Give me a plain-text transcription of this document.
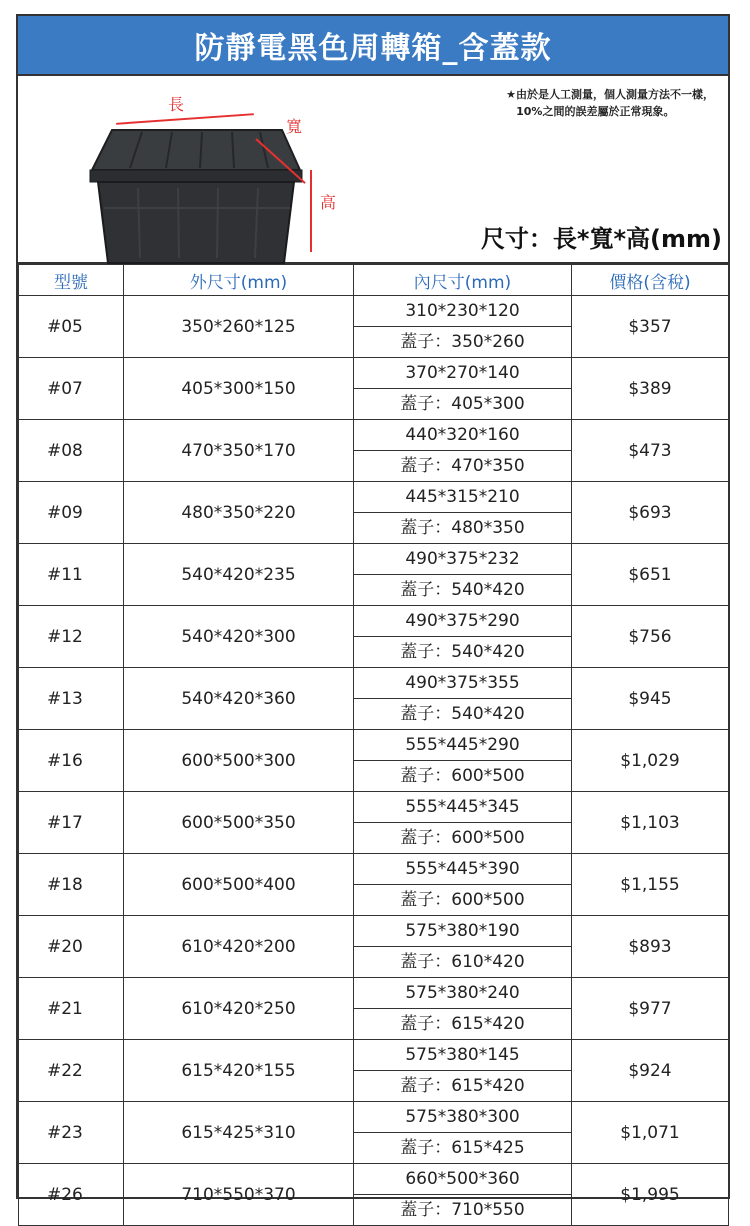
防靜電黑色周轉箱_含蓋款
長
寬
高
★由於是人工測量，個人測量方法不一樣，
10%之間的誤差屬於正常現象。
尺寸：長*寬*高(mm)
型號	外尺寸(mm)	內尺寸(mm)	價格(含稅)
#05	350*260*125	310*230*120
蓋子：350*260	$357
#07	405*300*150	370*270*140
蓋子：405*300	$389
#08	470*350*170	440*320*160
蓋子：470*350	$473
#09	480*350*220	445*315*210
蓋子：480*350	$693
#11	540*420*235	490*375*232
蓋子：540*420	$651
#12	540*420*300	490*375*290
蓋子：540*420	$756
#13	540*420*360	490*375*355
蓋子：540*420	$945
#16	600*500*300	555*445*290
蓋子：600*500	$1,029
#17	600*500*350	555*445*345
蓋子：600*500	$1,103
#18	600*500*400	555*445*390
蓋子：600*500	$1,155
#20	610*420*200	575*380*190
蓋子：610*420	$893
#21	610*420*250	575*380*240
蓋子：615*420	$977
#22	615*420*155	575*380*145
蓋子：615*420	$924
#23	615*425*310	575*380*300
蓋子：615*425	$1,071
#26	710*550*370	660*500*360
蓋子：710*550	$1,995
